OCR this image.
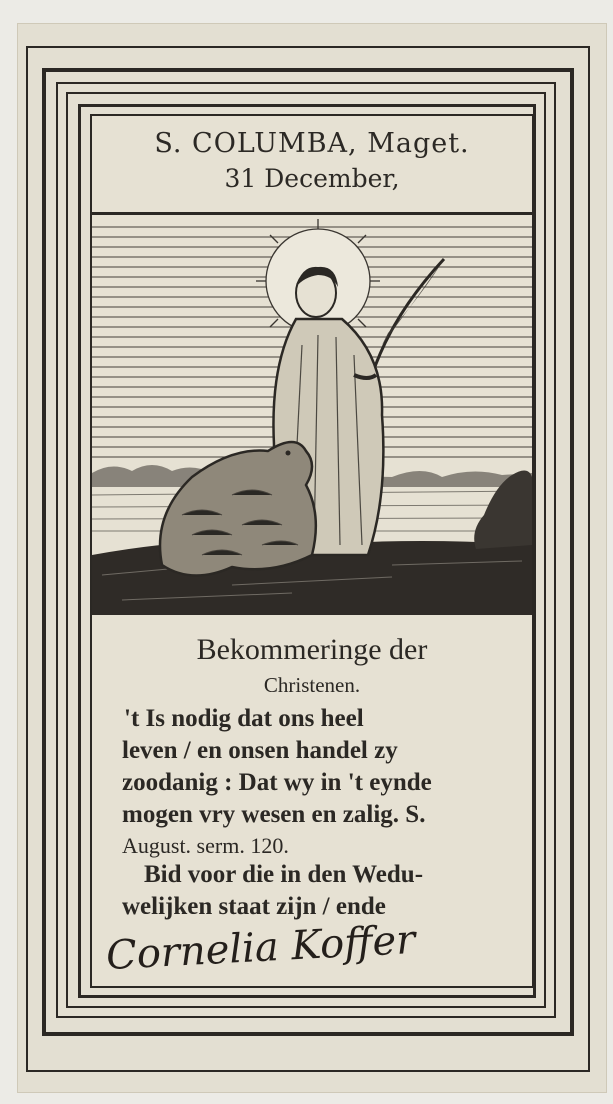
S. COLUMBA, Maget.
31 December,
Bekommeringe der
Christenen.
't Is nodig dat ons heel
leven / en onsen handel zy
zoodanig : Dat wy in 't eynde
mogen vry wesen en zalig. S.
August. serm. 120.
Bid voor die in den Wedu-
welijken staat zijn / ende
Cornelia Koffer
